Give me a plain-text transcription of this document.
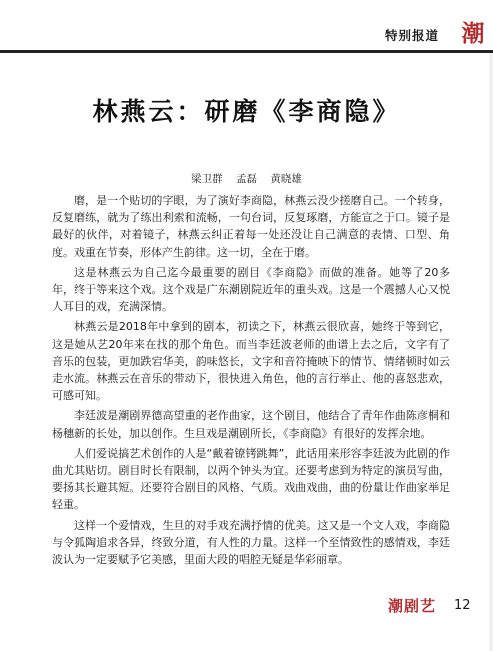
特别报道 潮
林燕云：研磨《李商隐》
梁卫群 孟磊 黄晓雄

磨，是一个贴切的字眼，为了演好李商隐，林燕云没少搓磨自己。一个转身，反复磨练，就为了练出利索和流畅，一句台词，反复琢磨，方能宣之于口。镜子是最好的伙伴，对着镜子，林燕云纠正着每一处还没让自己满意的表情、口型、角度。戏重在节奏，形体产生韵律。这一切，全在于磨。

这是林燕云为自己迄今最重要的剧目《李商隐》而做的准备。她等了20多年，终于等来这个戏。这个戏是广东潮剧院近年的重头戏。这是一个震撼人心又悦人耳目的戏，充满深情。

林燕云是2018年中拿到的剧本，初读之下，林燕云很欣喜，她终于等到它，这是她从艺20年来在找的那个角色。而当李廷波老师的曲谱上去之后，文字有了音乐的包装，更加跌宕华美，韵味悠长，文字和音符掩映下的情节、情绪顿时如云走水流。林燕云在音乐的带动下，很快进入角色，他的言行举止、他的喜怒悲欢，可感可知。

李廷波是潮剧界德高望重的老作曲家，这个剧目，他结合了青年作曲陈彦桐和杨穗新的长处，加以创作。生旦戏是潮剧所长，《李商隐》有很好的发挥余地。

人们爱说搞艺术创作的人是“戴着镣铐跳舞”，此话用来形容李廷波为此剧的作曲尤其贴切。剧目时长有限制，以两个钟头为宜。还要考虑到为特定的演员写曲，要扬其长避其短。还要符合剧目的风格、气质。戏曲戏曲，曲的份量让作曲家举足轻重。

这样一个爱情戏，生旦的对手戏充满抒情的优美。这又是一个文人戏，李商隐与令狐陶追求各异，终致分道，有人性的力量。这样一个至情致性的感情戏，李廷波认为一定要赋予它美感，里面大段的唱腔无疑是华彩丽章。

潮剧艺	12
